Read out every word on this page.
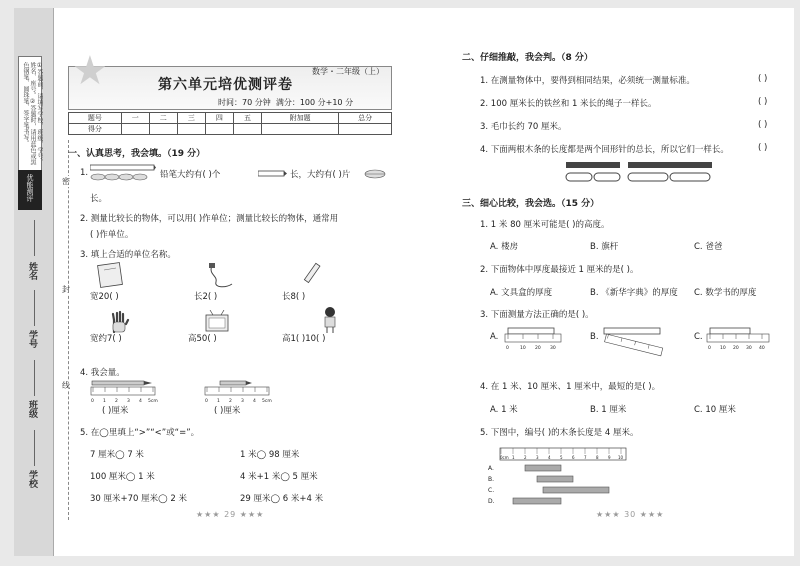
①答题前，请填写学校、班级、学号、姓名、座号。②答题时，请用蓝色或黑色钢笔、圆珠笔、签字笔书写。
优能测评
学校
班级
学号
姓名
密
封
线
★	数学・二年级（上）
第六单元培优测评卷
时间：70 分钟 满分：100 分+10 分
题号	一	二	三	四	五	附加题	总分
得分							
一、认真思考，我会填。（19 分）
1.	铅笔大约有( )个	长，大约有( )片
长。
2. 测量比较长的物体，可以用( )作单位；测量比较长的物体，通常用
( )作单位。
3. 填上合适的单位名称。
宽20( )	长2( )	长8( )
宽约7( )	高50( )	高1( )10( )
4. 我会量。
0 1 2 3 4 5cm	0 1 2 3 4 5cm
( )厘米	( )厘米
5. 在◯里填上“>”“<”或“=”。
7 厘米◯ 7 米	1 米◯ 98 厘米
100 厘米◯ 1 米	4 米+1 米◯ 5 厘米
30 厘米+70 厘米◯ 2 米	29 厘米◯ 6 米+4 米
★★★ 29 ★★★
二、仔细推敲，我会判。（8 分）
1. 在测量物体中，要得到相同结果，必须统一测量标准。	( )
2. 100 厘米长的铁丝和 1 米长的绳子一样长。	( )
3. 毛巾长约 70 厘米。	( )
4. 下面两根木条的长度都是两个回形针的总长，所以它们一样长。	( )
三、细心比较，我会选。（15 分）
1. 1 米 80 厘米可能是( )的高度。
A. 楼房	B. 旗杆	C. 爸爸
2. 下面物体中厚度最接近 1 厘米的是( )。
A. 文具盒的厚度	B. 《新华字典》的厚度 C. 数学书的厚度
3. 下面测量方法正确的是( )。
A.
0 10 20 30
B.	C.
0 10 20 30 40
4. 在 1 米、10 厘米、1 厘米中，最短的是( )。
A. 1 米	B. 1 厘米	C. 10 厘米
5. 下图中，编号( )的木条长度是 4 厘米。
0cm 1 2 3 4 5 6 7 8 9 10
A.
B.
C.
D.
★★★ 30 ★★★
